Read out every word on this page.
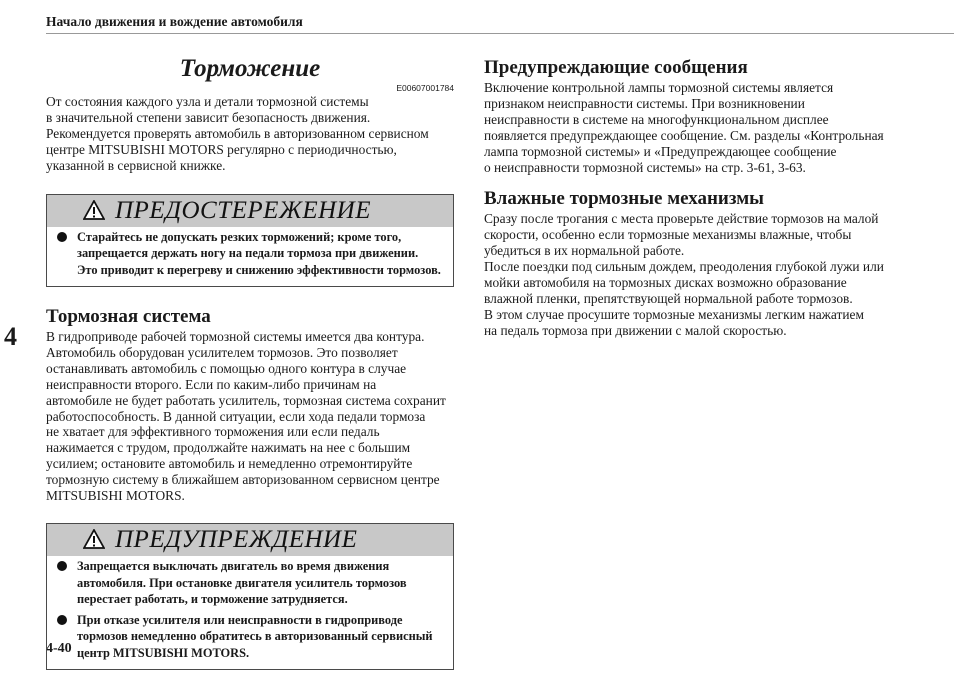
Начало движения и вождение автомобиля
4
4-40
Торможение
E00607001784

От состояния каждого узла и детали тормозной системы
в значительной степени зависит безопасность движения.
Рекомендуется проверять автомобиль в авторизованном сервисном
центре MITSUBISHI MOTORS регулярно с периодичностью,
указанной в сервисной книжке.

ПРЕДОСТЕРЕЖЕНИЕ
Старайтесь не допускать резких торможений; кроме того,
запрещается держать ногу на педали тормоза при движении.
Это приводит к перегреву и снижению эффективности тормозов.
Тормозная система

В гидроприводе рабочей тормозной системы имеется два контура.
Автомобиль оборудован усилителем тормозов. Это позволяет
останавливать автомобиль с помощью одного контура в случае
неисправности второго. Если по каким-либо причинам на
автомобиле не будет работать усилитель, тормозная система сохранит
работоспособность. В данной ситуации, если хода педали тормоза
не хватает для эффективного торможения или если педаль
нажимается с трудом, продолжайте нажимать на нее с большим
усилием; остановите автомобиль и немедленно отремонтируйте
тормозную систему в ближайшем авторизованном сервисном центре
MITSUBISHI MOTORS.

ПРЕДУПРЕЖДЕНИЕ
Запрещается выключать двигатель во время движения
автомобиля. При остановке двигателя усилитель тормозов
перестает работать, и торможение затрудняется.
При отказе усилителя или неисправности в гидроприводе
тормозов немедленно обратитесь в авторизованный сервисный
центр MITSUBISHI MOTORS.
Предупреждающие сообщения

Включение контрольной лампы тормозной системы является
признаком неисправности системы. При возникновении
неисправности в системе на многофункциональном дисплее
появляется предупреждающее сообщение. См. разделы «Контрольная
лампа тормозной системы» и «Предупреждающее сообщение
о неисправности тормозной системы» на стр. 3-61, 3-63.

Влажные тормозные механизмы

Сразу после трогания с места проверьте действие тормозов на малой
скорости, особенно если тормозные механизмы влажные, чтобы
убедиться в их нормальной работе.
После поездки под сильным дождем, преодоления глубокой лужи или
мойки автомобиля на тормозных дисках возможно образование
влажной пленки, препятствующей нормальной работе тормозов.
В этом случае просушите тормозные механизмы легким нажатием
на педаль тормоза при движении с малой скоростью.
